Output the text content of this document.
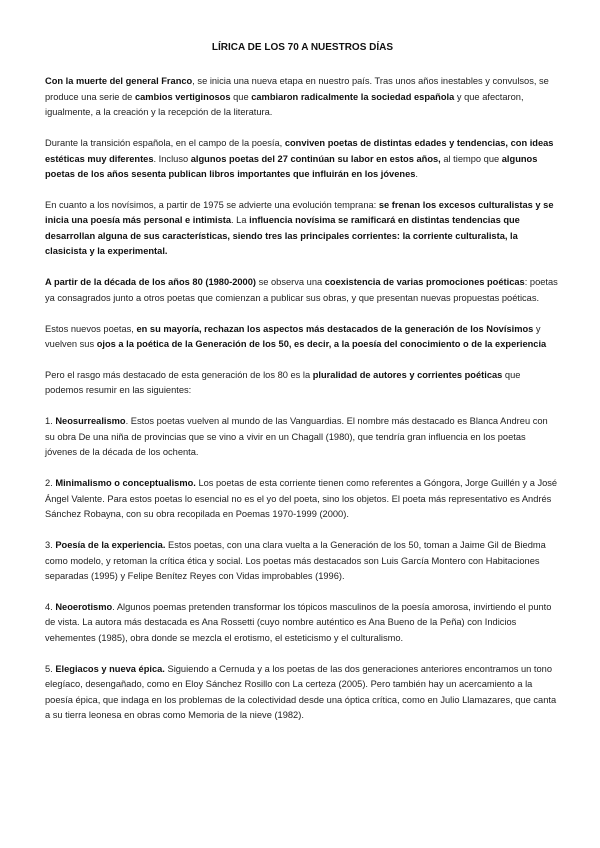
LÍRICA DE LOS 70 A NUESTROS DÍAS

Con la muerte del general Franco, se inicia una nueva etapa en nuestro país. Tras unos años inestables y convulsos, se produce una serie de cambios vertiginosos que cambiaron radicalmente la sociedad española y que afectaron, igualmente, a la creación y la recepción de la literatura.

Durante la transición española, en el campo de la poesía, conviven poetas de distintas edades y tendencias, con ideas estéticas muy diferentes. Incluso algunos poetas del 27 continúan su labor en estos años, al tiempo que algunos poetas de los años sesenta publican libros importantes que influirán en los jóvenes.

En cuanto a los novísimos, a partir de 1975 se advierte una evolución temprana: se frenan los excesos culturalistas y se inicia una poesía más personal e intimista. La influencia novísima se ramificará en distintas tendencias que desarrollan alguna de sus características, siendo tres las principales corrientes: la corriente culturalista, la clasicista y la experimental.

A partir de la década de los años 80 (1980-2000) se observa una coexistencia de varias promociones poéticas: poetas ya consagrados junto a otros poetas que comienzan a publicar sus obras, y que presentan nuevas propuestas poéticas.

Estos nuevos poetas, en su mayoría, rechazan los aspectos más destacados de la generación de los Novísimos y vuelven sus ojos a la poética de la Generación de los 50, es decir, a la poesía del conocimiento o de la experiencia

Pero el rasgo más destacado de esta generación de los 80 es la pluralidad de autores y corrientes poéticas que podemos resumir en las siguientes:

1. Neosurrealismo. Estos poetas vuelven al mundo de las Vanguardias. El nombre más destacado es Blanca Andreu con su obra De una niña de provincias que se vino a vivir en un Chagall (1980), que tendría gran influencia en los poetas jóvenes de la década de los ochenta.

2. Minimalismo o conceptualismo. Los poetas de esta corriente tienen como referentes a Góngora, Jorge Guillén y a José Ángel Valente. Para estos poetas lo esencial no es el yo del poeta, sino los objetos. El poeta más representativo es Andrés Sánchez Robayna, con su obra recopilada en Poemas 1970-1999 (2000).

3. Poesía de la experiencia. Estos poetas, con una clara vuelta a la Generación de los 50, toman a Jaime Gil de Biedma como modelo, y retoman la crítica ética y social. Los poetas más destacados son Luis García Montero con Habitaciones separadas (1995) y Felipe Benítez Reyes con Vidas improbables (1996).

4. Neoerotismo. Algunos poemas pretenden transformar los tópicos masculinos de la poesía amorosa, invirtiendo el punto de vista. La autora más destacada es Ana Rossetti (cuyo nombre auténtico es Ana Bueno de la Peña) con Indicios vehementes (1985), obra donde se mezcla el erotismo, el esteticismo y el culturalismo.

5. Elegiacos y nueva épica. Siguiendo a Cernuda y a los poetas de las dos generaciones anteriores encontramos un tono elegíaco, desengañado, como en Eloy Sánchez Rosillo con La certeza (2005). Pero también hay un acercamiento a la poesía épica, que indaga en los problemas de la colectividad desde una óptica crítica, como en Julio Llamazares, que canta a su tierra leonesa en obras como Memoria de la nieve (1982).
